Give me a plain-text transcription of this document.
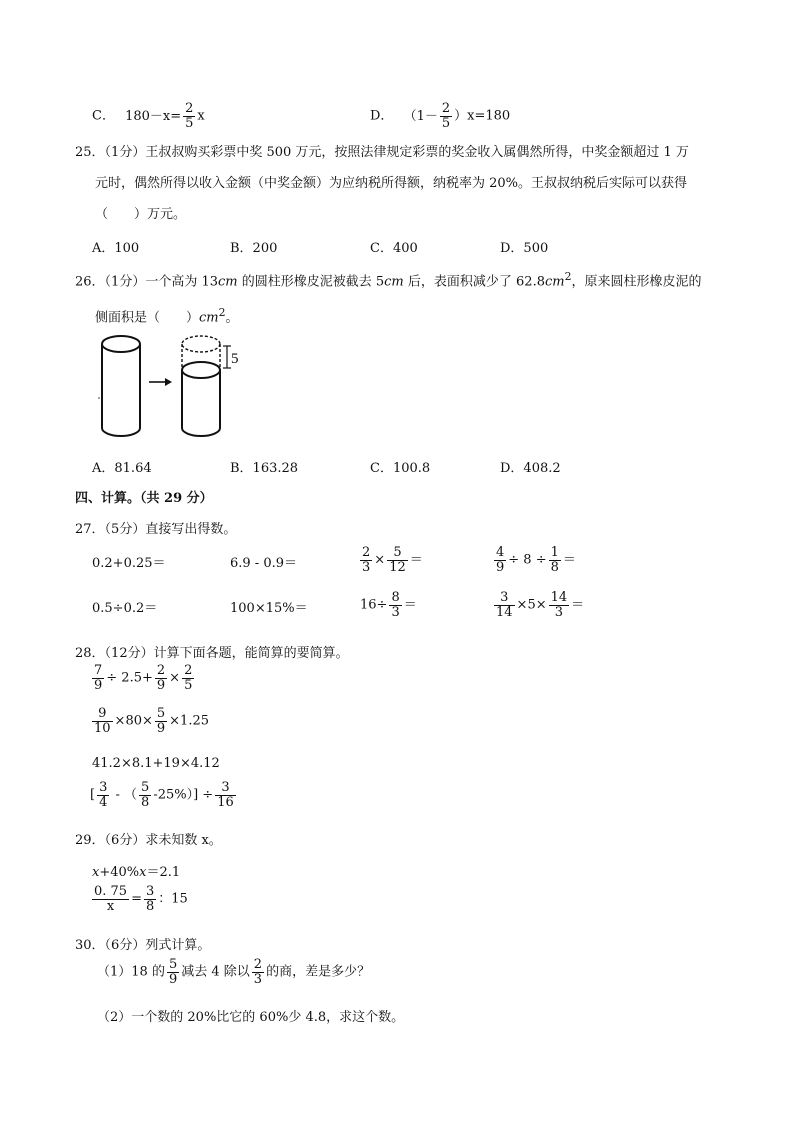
C． $180-x= \frac{2}{5}$ x	D． $(1- \frac{2}{5} )x=180$
25．（1分）王叔叔购买彩票中奖 500 万元，按照法律规定彩票的奖金收入属偶然所得，中奖金额超过 1 万
元时，偶然所得以收入金额（中奖金额）为应纳税所得额，纳税率为 20%。王叔叔纳税后实际可以获得
（　　）万元。
A．100	B．200	C．400	D．500
26．（1分）一个高为 13cm 的圆柱形橡皮泥被截去 5cm 后，表面积减少了 $62.8cm^2$，原来圆柱形橡皮泥的
侧面积是（　　）$cm^2$。
5
A．81.64	B．163.28	C．100.8	D．408.2
四、计算。（共 29 分）
27．（5分）直接写出得数。
0.2+0.25＝	6.9 - 0.9＝	$\frac{2}{3} \times \frac{5}{12}$ ＝	$\frac{4}{9} \div 8 \div \frac{1}{8}$ ＝
0.5÷0.2＝	100×15%＝	$16\div \frac{8}{3}$ ＝	$\frac{3}{14} \times 5\times \frac{14}{3}$ ＝
28．（12分）计算下面各题，能简算的要简算。
$\frac{7}{9} \div 2.5+ \frac{2}{9} \times \frac{2}{5}$
$\frac{9}{10} \times 80\times \frac{5}{9} \times 1.25$
41.2×8.1+19×4.12
[ $\frac{3}{4}$ - （ $\frac{5}{8} -25\%)] \div \frac{3}{16}$
29．（6分）求未知数 x。
x+40%x＝2.1
$\frac{0. 75}{x} = \frac{3}{8}$ ：15
30．（6分）列式计算。
（1）18 的 $\frac{5}{9}$ 减去 4 除以 $\frac{2}{3}$ 的商，差是多少？
（2）一个数的 20%比它的 60%少 4.8，求这个数。
